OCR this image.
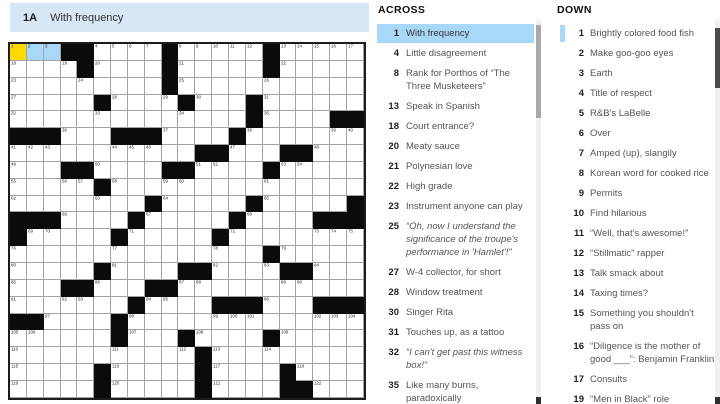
1A With frequency
1 2 3	4 5 6 7	8 9 10 11 12	13 14 15 16 17
18	19	20	21	22
23	24	25	26
27	28	29	30	31
32	33	34	35
36	37	38	39 40
41 42 43	44 45 46	47	48
49	50	51 52	53 54
55	56 57	58	59 60	61
62	63	64	65
66	67	68
69 70	71	72	73 74 75
76	77	78	79
80	81	82	83	84
85	86	87 88	89 90
91	92 93	94 95	96
97	98	99 100 101	102 103 104
105 106	107	108	109
110	111	112	113	114
115	116	117	118
119	120	121	122
ACROSS
1 With frequency
4 Little disagreement
8 Rank for Porthos of “The Three Musketeers”
13 Speak in Spanish
18 Court entrance?
20 Meaty sauce
21 Polynesian love
22 High grade
23 Instrument anyone can play
25 “Oh, now I understand the significance of the troupe's performance in 'Hamlet'!”
27 W-4 collector, for short
28 Window treatment
30 Singer Rita
31 Touches up, as a tattoo
32 “I can't get past this witness box!”
35 Like many burns, paradoxically
DOWN
1 Brightly colored food fish
2 Make goo-goo eyes
3 Earth
4 Title of respect
5 R&B's LaBelle
6 Over
7 Amped (up), slangily
8 Korean word for cooked rice
9 Permits
10 Find hilarious
11 “Well, that's awesome!”
12 “Stillmatic” rapper
13 Talk smack about
14 Taxing times?
15 Something you shouldn't pass on
16 “Diligence is the mother of good ___”: Benjamin Franklin
17 Consults
19 “Men in Black” role
